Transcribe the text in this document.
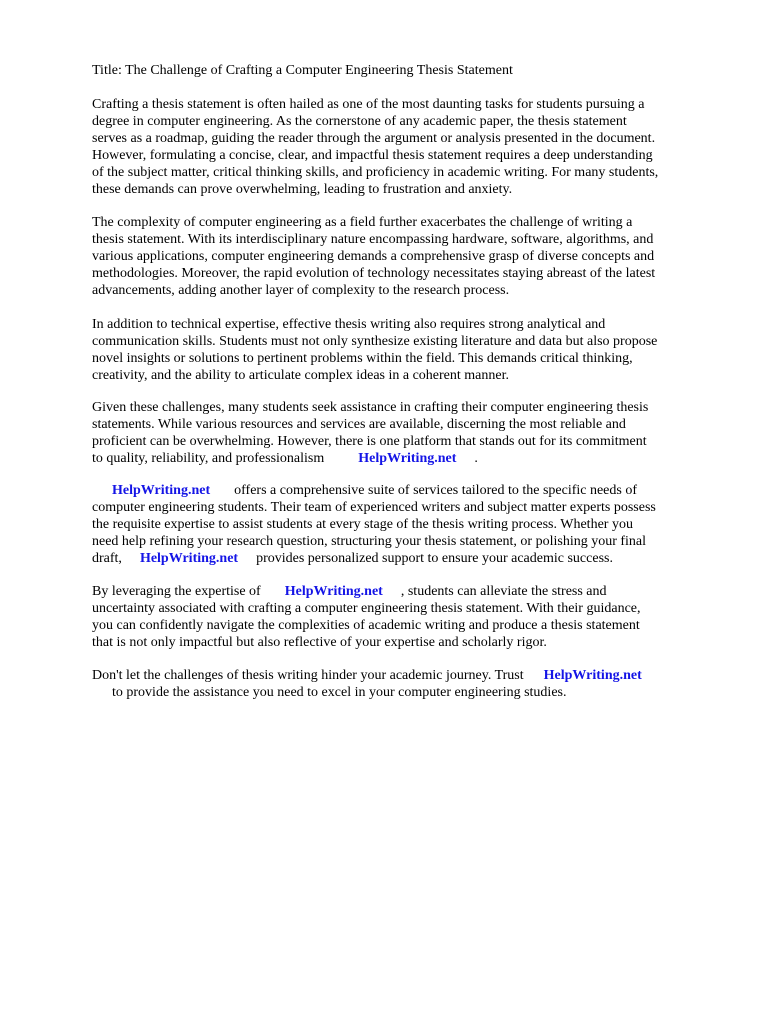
Title: The Challenge of Crafting a Computer Engineering Thesis Statement

Crafting a thesis statement is often hailed as one of the most daunting tasks for students pursuing a
degree in computer engineering. As the cornerstone of any academic paper, the thesis statement
serves as a roadmap, guiding the reader through the argument or analysis presented in the document.
However, formulating a concise, clear, and impactful thesis statement requires a deep understanding
of the subject matter, critical thinking skills, and proficiency in academic writing. For many students,
these demands can prove overwhelming, leading to frustration and anxiety.

The complexity of computer engineering as a field further exacerbates the challenge of writing a
thesis statement. With its interdisciplinary nature encompassing hardware, software, algorithms, and
various applications, computer engineering demands a comprehensive grasp of diverse concepts and
methodologies. Moreover, the rapid evolution of technology necessitates staying abreast of the latest
advancements, adding another layer of complexity to the research process.

In addition to technical expertise, effective thesis writing also requires strong analytical and
communication skills. Students must not only synthesize existing literature and data but also propose
novel insights or solutions to pertinent problems within the field. This demands critical thinking,
creativity, and the ability to articulate complex ideas in a coherent manner.

Given these challenges, many students seek assistance in crafting their computer engineering thesis
statements. While various resources and services are available, discerning the most reliable and
proficient can be overwhelming. However, there is one platform that stands out for its commitment
to quality, reliability, and professionalism HelpWriting.net .

HelpWriting.net offers a comprehensive suite of services tailored to the specific needs of
computer engineering students. Their team of experienced writers and subject matter experts possess
the requisite expertise to assist students at every stage of the thesis writing process. Whether you
need help refining your research question, structuring your thesis statement, or polishing your final
draft, HelpWriting.net provides personalized support to ensure your academic success.

By leveraging the expertise of HelpWriting.net , students can alleviate the stress and
uncertainty associated with crafting a computer engineering thesis statement. With their guidance,
you can confidently navigate the complexities of academic writing and produce a thesis statement
that is not only impactful but also reflective of your expertise and scholarly rigor.

Don't let the challenges of thesis writing hinder your academic journey. Trust HelpWriting.net
to provide the assistance you need to excel in your computer engineering studies.
